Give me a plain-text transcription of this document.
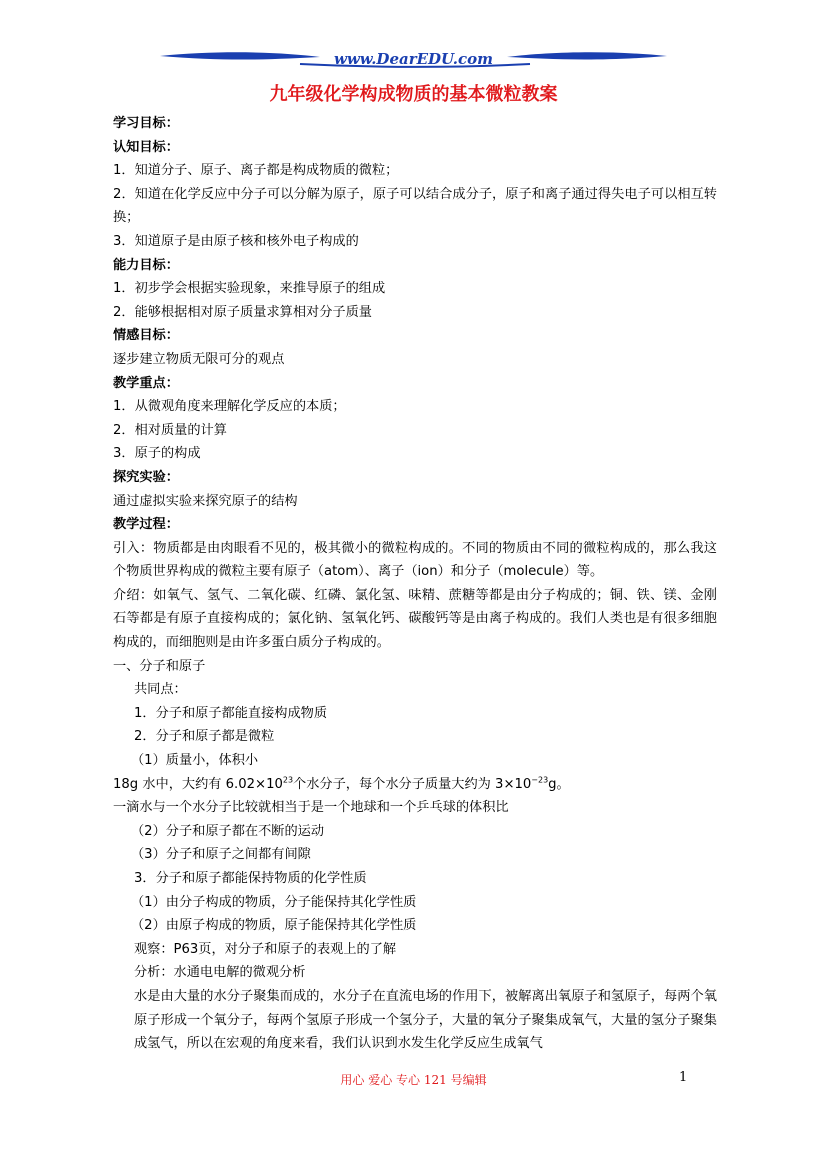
www.DearEDU.com
九年级化学构成物质的基本微粒教案
学习目标：
认知目标：
1．知道分子、原子、离子都是构成物质的微粒；
2．知道在化学反应中分子可以分解为原子，原子可以结合成分子，原子和离子通过得失电子可以相互转换；
3．知道原子是由原子核和核外电子构成的
能力目标：
1．初步学会根据实验现象，来推导原子的组成
2．能够根据相对原子质量求算相对分子质量
情感目标：
逐步建立物质无限可分的观点
教学重点：
1．从微观角度来理解化学反应的本质；
2．相对质量的计算
3．原子的构成
探究实验：
通过虚拟实验来探究原子的结构
教学过程：
引入：物质都是由肉眼看不见的，极其微小的微粒构成的。不同的物质由不同的微粒构成的，那么我这个物质世界构成的微粒主要有原子（atom）、离子（ion）和分子（molecule）等。
介绍：如氧气、氢气、二氧化碳、红磷、氯化氢、味精、蔗糖等都是由分子构成的；铜、铁、镁、金刚石等都是有原子直接构成的；氯化钠、氢氧化钙、碳酸钙等是由离子构成的。我们人类也是有很多细胞构成的，而细胞则是由许多蛋白质分子构成的。
一、分子和原子
共同点：
1．分子和原子都能直接构成物质
2．分子和原子都是微粒
（1）质量小，体积小
18g 水中，大约有 $6.02\times 10^{23}$个水分子，每个水分子质量大约为 $3\times 10^{-23}g$。
一滴水与一个水分子比较就相当于是一个地球和一个乒乓球的体积比
（2）分子和原子都在不断的运动
（3）分子和原子之间都有间隙
3．分子和原子都能保持物质的化学性质
（1）由分子构成的物质，分子能保持其化学性质
（2）由原子构成的物质，原子能保持其化学性质
观察：P63页，对分子和原子的表观上的了解
分析：水通电电解的微观分析
水是由大量的水分子聚集而成的，水分子在直流电场的作用下，被解离出氧原子和氢原子，每两个氧原子形成一个氧分子，每两个氢原子形成一个氢分子，大量的氧分子聚集成氧气，大量的氢分子聚集成氢气，所以在宏观的角度来看，我们认识到水发生化学反应生成氧气
用心 爱心 专心 121 号编辑	1
